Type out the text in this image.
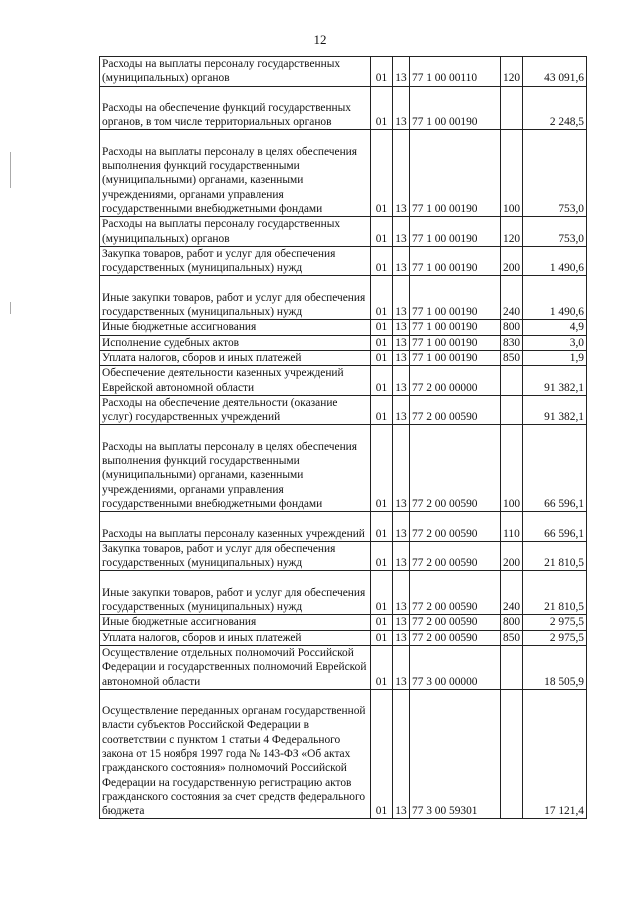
12
Расходы на выплаты персоналу государственных (муниципальных) органов	01	13	77 1 00 00110	120	43 091,6

Расходы на обеспечение функций государственных органов, в том числе территориальных органов	01	13	77 1 00 00190		2 248,5

Расходы на выплаты персоналу в целях обеспечения выполнения функций государственными (муниципальными) органами, казенными учреждениями, органами управления государственными внебюджетными фондами	01	13	77 1 00 00190	100	753,0

Расходы на выплаты персоналу государственных (муниципальных) органов	01	13	77 1 00 00190	120	753,0

Закупка товаров, работ и услуг для обеспечения государственных (муниципальных) нужд	01	13	77 1 00 00190	200	1 490,6

Иные закупки товаров, работ и услуг для обеспечения государственных (муниципальных) нужд	01	13	77 1 00 00190	240	1 490,6

Иные бюджетные ассигнования	01	13	77 1 00 00190	800	4,9

Исполнение судебных актов	01	13	77 1 00 00190	830	3,0

Уплата налогов, сборов и иных платежей	01	13	77 1 00 00190	850	1,9

Обеспечение деятельности казенных учреждений Еврейской автономной области	01	13	77 2 00 00000		91 382,1

Расходы на обеспечение деятельности (оказание услуг) государственных учреждений	01	13	77 2 00 00590		91 382,1

Расходы на выплаты персоналу в целях обеспечения выполнения функций государственными (муниципальными) органами, казенными учреждениями, органами управления государственными внебюджетными фондами	01	13	77 2 00 00590	100	66 596,1

Расходы на выплаты персоналу казенных учреждений	01	13	77 2 00 00590	110	66 596,1

Закупка товаров, работ и услуг для обеспечения государственных (муниципальных) нужд	01	13	77 2 00 00590	200	21 810,5

Иные закупки товаров, работ и услуг для обеспечения государственных (муниципальных) нужд	01	13	77 2 00 00590	240	21 810,5

Иные бюджетные ассигнования	01	13	77 2 00 00590	800	2 975,5

Уплата налогов, сборов и иных платежей	01	13	77 2 00 00590	850	2 975,5

Осуществление отдельных полномочий Российской Федерации и государственных полномочий Еврейской автономной области	01	13	77 3 00 00000		18 505,9

Осуществление переданных органам государственной власти субъектов Российской Федерации в соответствии с пунктом 1 статьи 4 Федерального закона от 15 ноября 1997 года № 143-ФЗ «Об актах гражданского состояния» полномочий Российской Федерации на государственную регистрацию актов гражданского состояния за счет средств федерального бюджета	01	13	77 3 00 59301		17 121,4
